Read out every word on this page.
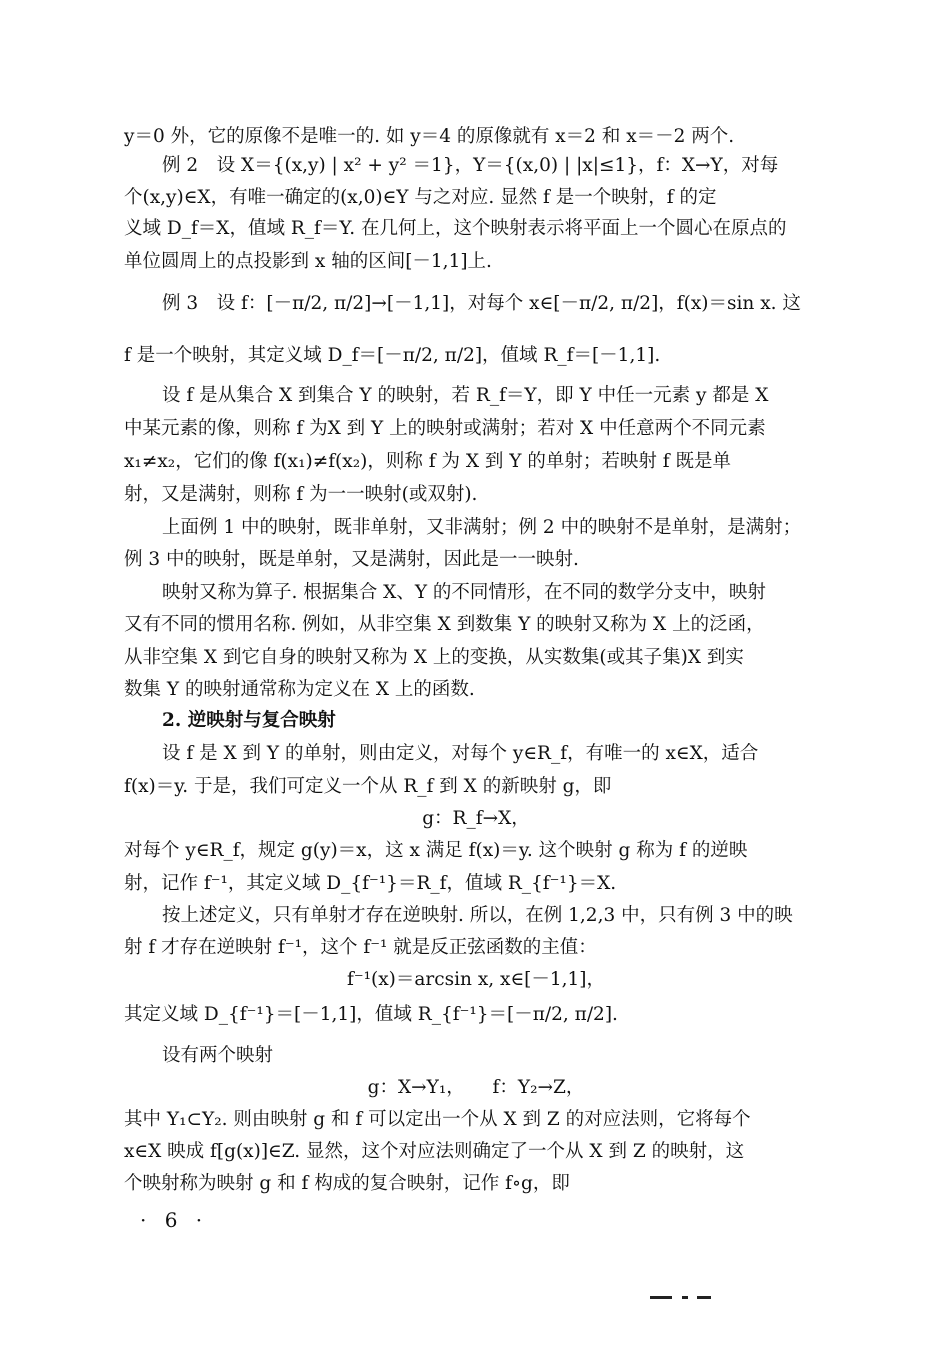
y＝0 外，它的原像不是唯一的. 如 y＝4 的原像就有 x＝2 和 x＝－2 两个.
例 2　设 X＝{(x,y) | x² + y² ＝1}，Y＝{(x,0) | |x|≤1}，f：X→Y，对每
个(x,y)∈X，有唯一确定的(x,0)∈Y 与之对应. 显然 f 是一个映射，f 的定
义域 D_f＝X，值域 R_f＝Y. 在几何上，这个映射表示将平面上一个圆心在原点的
单位圆周上的点投影到 x 轴的区间[－1,1]上.
例 3　设 f：[－π/2, π/2]→[－1,1]，对每个 x∈[－π/2, π/2]，f(x)＝sin x. 这
f 是一个映射，其定义域 D_f＝[－π/2, π/2]，值域 R_f＝[－1,1].
设 f 是从集合 X 到集合 Y 的映射，若 R_f＝Y，即 Y 中任一元素 y 都是 X
中某元素的像，则称 f 为X 到 Y 上的映射或满射；若对 X 中任意两个不同元素
x₁≠x₂，它们的像 f(x₁)≠f(x₂)，则称 f 为 X 到 Y 的单射；若映射 f 既是单
射，又是满射，则称 f 为一一映射(或双射).
上面例 1 中的映射，既非单射，又非满射；例 2 中的映射不是单射，是满射；
例 3 中的映射，既是单射，又是满射，因此是一一映射.
映射又称为算子. 根据集合 X、Y 的不同情形，在不同的数学分支中，映射
又有不同的惯用名称. 例如，从非空集 X 到数集 Y 的映射又称为 X 上的泛函，
从非空集 X 到它自身的映射又称为 X 上的变换，从实数集(或其子集)X 到实
数集 Y 的映射通常称为定义在 X 上的函数.
2. 逆映射与复合映射
设 f 是 X 到 Y 的单射，则由定义，对每个 y∈R_f，有唯一的 x∈X，适合
f(x)＝y. 于是，我们可定义一个从 R_f 到 X 的新映射 g，即
g：R_f→X，
对每个 y∈R_f，规定 g(y)＝x，这 x 满足 f(x)＝y. 这个映射 g 称为 f 的逆映
射，记作 f⁻¹，其定义域 D_{f⁻¹}＝R_f，值域 R_{f⁻¹}＝X.
按上述定义，只有单射才存在逆映射. 所以，在例 1,2,3 中，只有例 3 中的映
射 f 才存在逆映射 f⁻¹，这个 f⁻¹ 就是反正弦函数的主值：
f⁻¹(x)＝arcsin x, x∈[－1,1]，
其定义域 D_{f⁻¹}＝[－1,1]，值域 R_{f⁻¹}＝[－π/2, π/2].
设有两个映射
g：X→Y₁，　　f：Y₂→Z，
其中 Y₁⊂Y₂. 则由映射 g 和 f 可以定出一个从 X 到 Z 的对应法则，它将每个
x∈X 映成 f[g(x)]∈Z. 显然，这个对应法则确定了一个从 X 到 Z 的映射，这
个映射称为映射 g 和 f 构成的复合映射，记作 f∘g，即
· 6 ·
